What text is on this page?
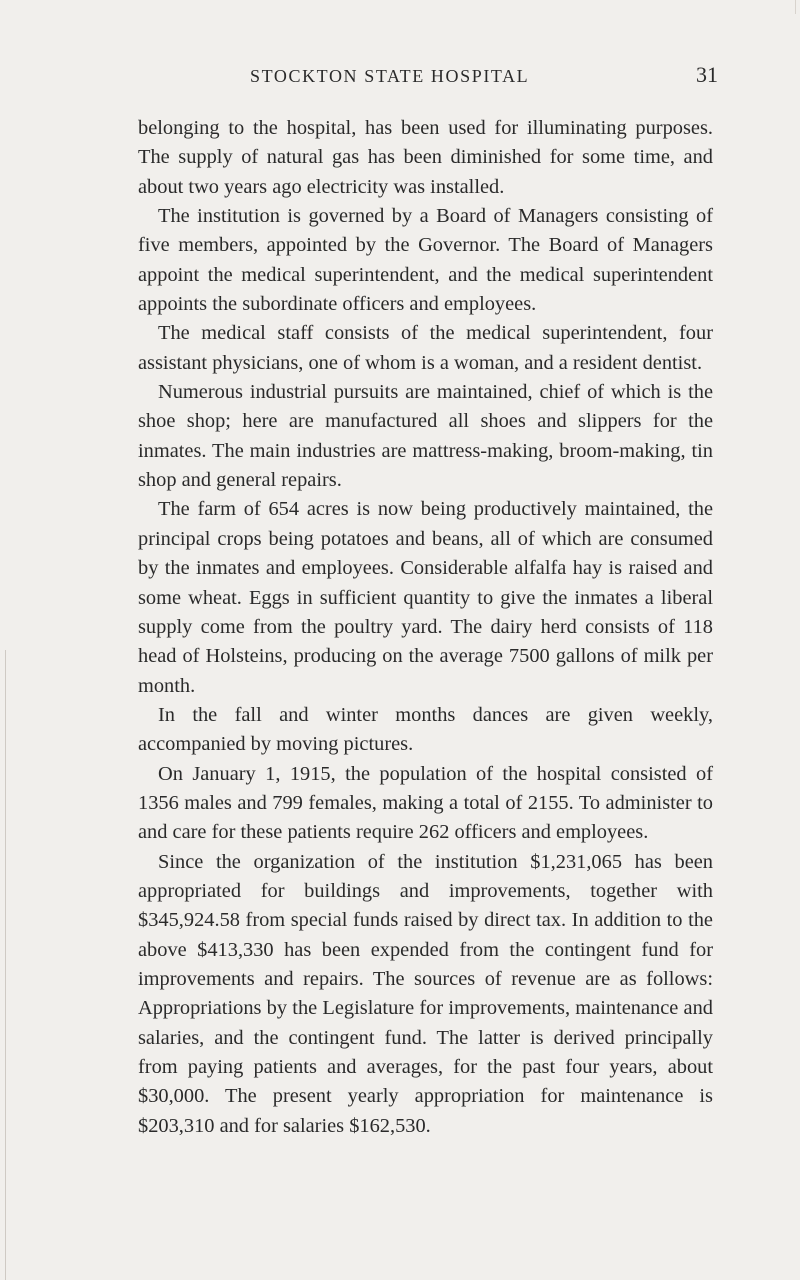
STOCKTON STATE HOSPITAL	31

belonging to the hospital, has been used for illuminating purposes. The supply of natural gas has been diminished for some time, and about two years ago electricity was installed.

The institution is governed by a Board of Managers consisting of five members, appointed by the Governor. The Board of Managers appoint the medical superintendent, and the medical superintendent appoints the subordinate officers and employees.

The medical staff consists of the medical superintendent, four assistant physicians, one of whom is a woman, and a resident dentist.

Numerous industrial pursuits are maintained, chief of which is the shoe shop; here are manufactured all shoes and slippers for the inmates. The main industries are mattress-making, broom-making, tin shop and general repairs.

The farm of 654 acres is now being productively maintained, the principal crops being potatoes and beans, all of which are consumed by the inmates and employees. Considerable alfalfa hay is raised and some wheat. Eggs in sufficient quantity to give the inmates a liberal supply come from the poultry yard. The dairy herd consists of 118 head of Holsteins, producing on the average 7500 gallons of milk per month.

In the fall and winter months dances are given weekly, accompanied by moving pictures.

On January 1, 1915, the population of the hospital consisted of 1356 males and 799 females, making a total of 2155. To administer to and care for these patients require 262 officers and employees.

Since the organization of the institution $1,231,065 has been appropriated for buildings and improvements, together with $345,924.58 from special funds raised by direct tax. In addition to the above $413,330 has been expended from the contingent fund for improvements and repairs. The sources of revenue are as follows: Appropriations by the Legislature for improvements, maintenance and salaries, and the contingent fund. The latter is derived principally from paying patients and averages, for the past four years, about $30,000. The present yearly appropriation for maintenance is $203,310 and for salaries $162,530.
